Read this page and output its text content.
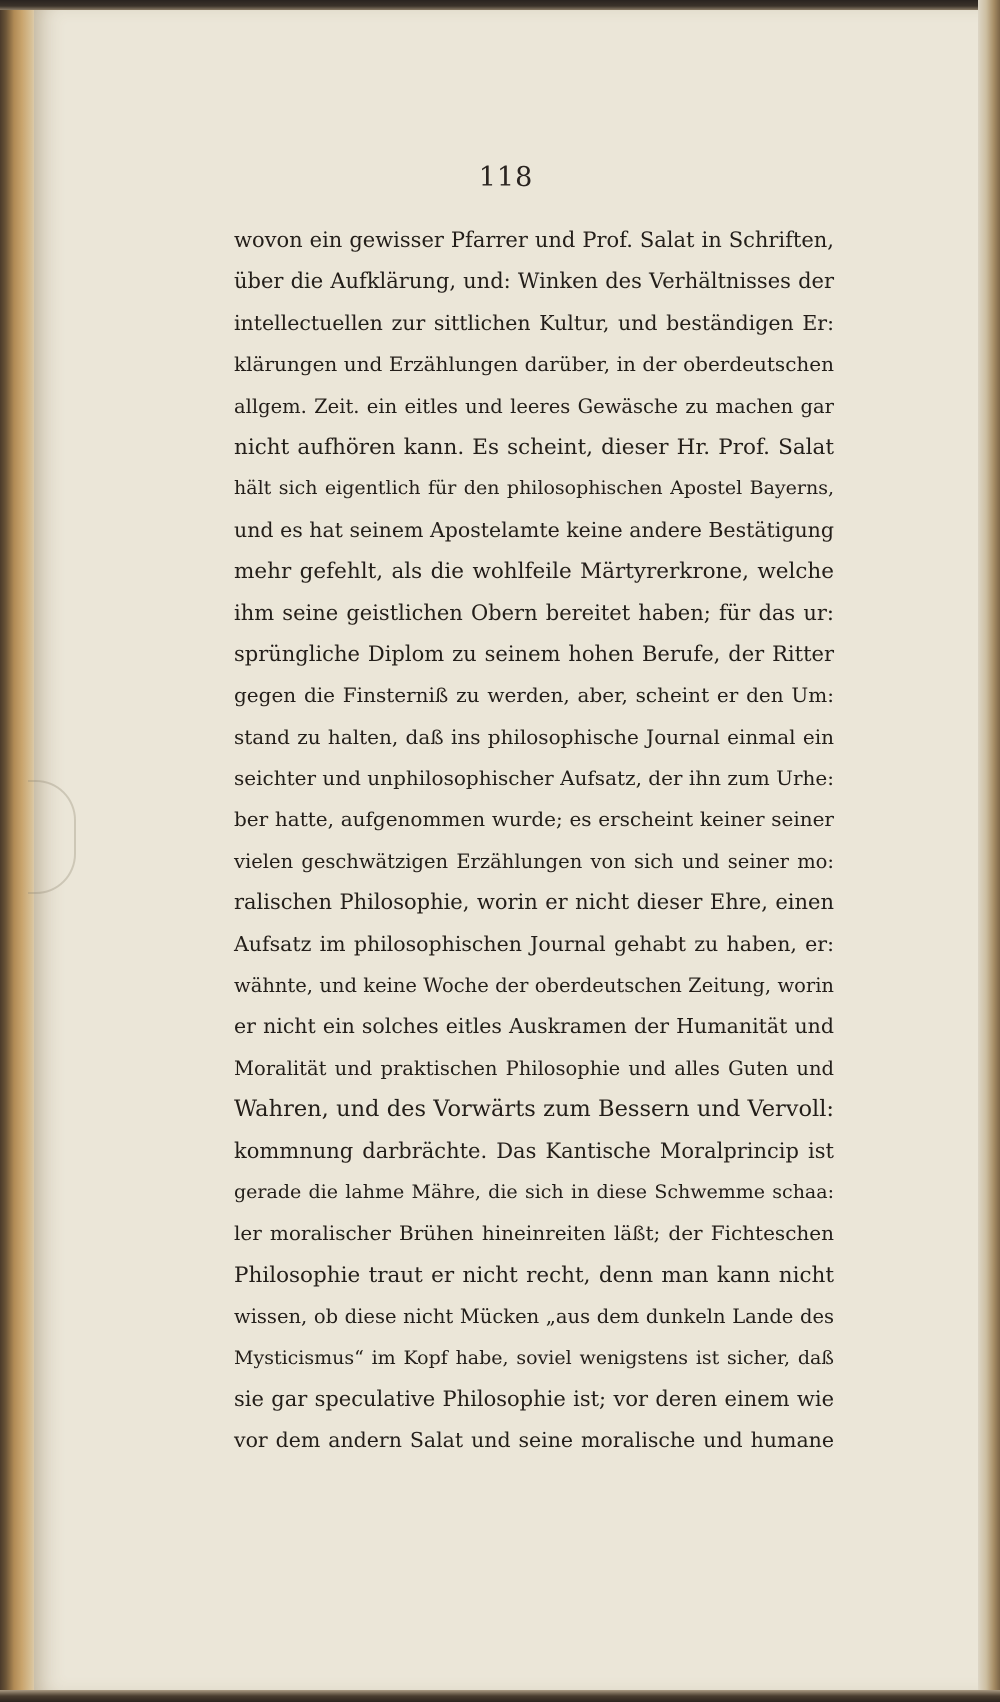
118
wovon ein gewisser Pfarrer und Prof. Salat in Schriften,
über die Aufklärung, und: Winken des Verhältnisses der
intellectuellen zur sittlichen Kultur, und beständigen Er:
klärungen und Erzählungen darüber, in der oberdeutschen
allgem. Zeit. ein eitles und leeres Gewäsche zu machen gar
nicht aufhören kann. Es scheint, dieser Hr. Prof. Salat
hält sich eigentlich für den philosophischen Apostel Bayerns,
und es hat seinem Apostelamte keine andere Bestätigung
mehr gefehlt, als die wohlfeile Märtyrerkrone, welche
ihm seine geistlichen Obern bereitet haben; für das ur:
sprüngliche Diplom zu seinem hohen Berufe, der Ritter
gegen die Finsterniß zu werden, aber, scheint er den Um:
stand zu halten, daß ins philosophische Journal einmal ein
seichter und unphilosophischer Aufsatz, der ihn zum Urhe:
ber hatte, aufgenommen wurde; es erscheint keiner seiner
vielen geschwätzigen Erzählungen von sich und seiner mo:
ralischen Philosophie, worin er nicht dieser Ehre, einen
Aufsatz im philosophischen Journal gehabt zu haben, er:
wähnte, und keine Woche der oberdeutschen Zeitung, worin
er nicht ein solches eitles Auskramen der Humanität und
Moralität und praktischen Philosophie und alles Guten und
Wahren, und des Vorwärts zum Bessern und Vervoll:
kommnung darbrächte. Das Kantische Moralprincip ist
gerade die lahme Mähre, die sich in diese Schwemme schaa:
ler moralischer Brühen hineinreiten läßt; der Fichteschen
Philosophie traut er nicht recht, denn man kann nicht
wissen, ob diese nicht Mücken „aus dem dunkeln Lande des
Mysticismus“ im Kopf habe, soviel wenigstens ist sicher, daß
sie gar speculative Philosophie ist; vor deren einem wie
vor dem andern Salat und seine moralische und humane
